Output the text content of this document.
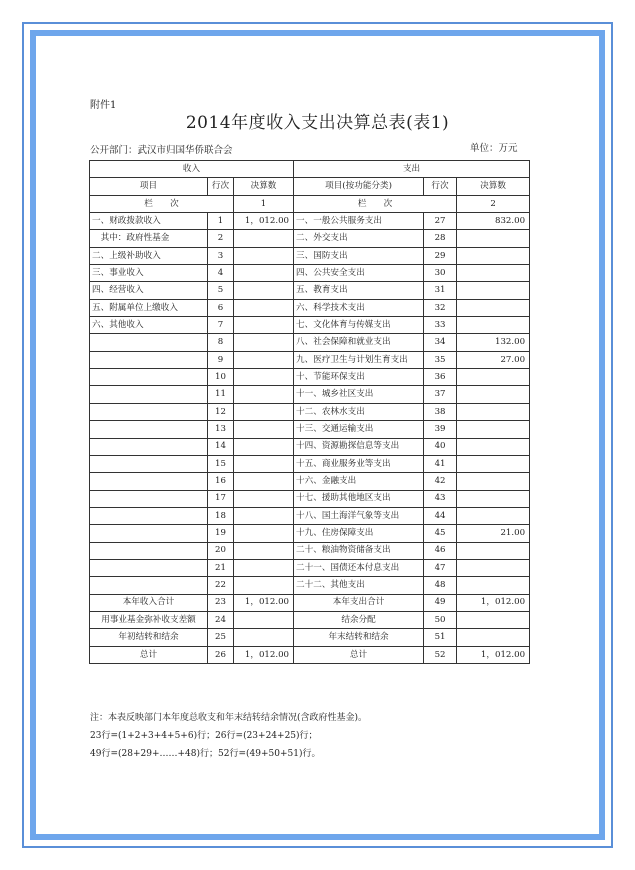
附件1
2014年度收入支出决算总表(表1)
公开部门：武汉市归国华侨联合会	单位：万元
收入			支出		
项目	行次	决算数	项目(按功能分类)	行次	决算数
栏　　次		1	栏　　次		2
一、财政拨款收入	1	1，012.00	一、一般公共服务支出	27	832.00
　其中：政府性基金	2		二、外交支出	28	
二、上级补助收入	3		三、国防支出	29	
三、事业收入	4		四、公共安全支出	30	
四、经营收入	5		五、教育支出	31	
五、附属单位上缴收入	6		六、科学技术支出	32	
六、其他收入	7		七、文化体育与传媒支出	33	
	8		八、社会保障和就业支出	34	132.00
	9		九、医疗卫生与计划生育支出	35	27.00
	10		十、节能环保支出	36	
	11		十一、城乡社区支出	37	
	12		十二、农林水支出	38	
	13		十三、交通运输支出	39	
	14		十四、资源勘探信息等支出	40	
	15		十五、商业服务业等支出	41	
	16		十六、金融支出	42	
	17		十七、援助其他地区支出	43	
	18		十八、国土海洋气象等支出	44	
	19		十九、住房保障支出	45	21.00
	20		二十、粮油物资储备支出	46	
	21		二十一、国债还本付息支出	47	
	22		二十二、其他支出	48	
本年收入合计	23	1，012.00	本年支出合计	49	1，012.00
用事业基金弥补收支差额	24		结余分配	50	
年初结转和结余	25		年末结转和结余	51	
总计	26	1，012.00	总计	52	1，012.00
注：本表反映部门本年度总收支和年末结转结余情况(含政府性基金)。
23行=(1+2+3+4+5+6)行；26行=(23+24+25)行；
49行=(28+29+……+48)行；52行=(49+50+51)行。
